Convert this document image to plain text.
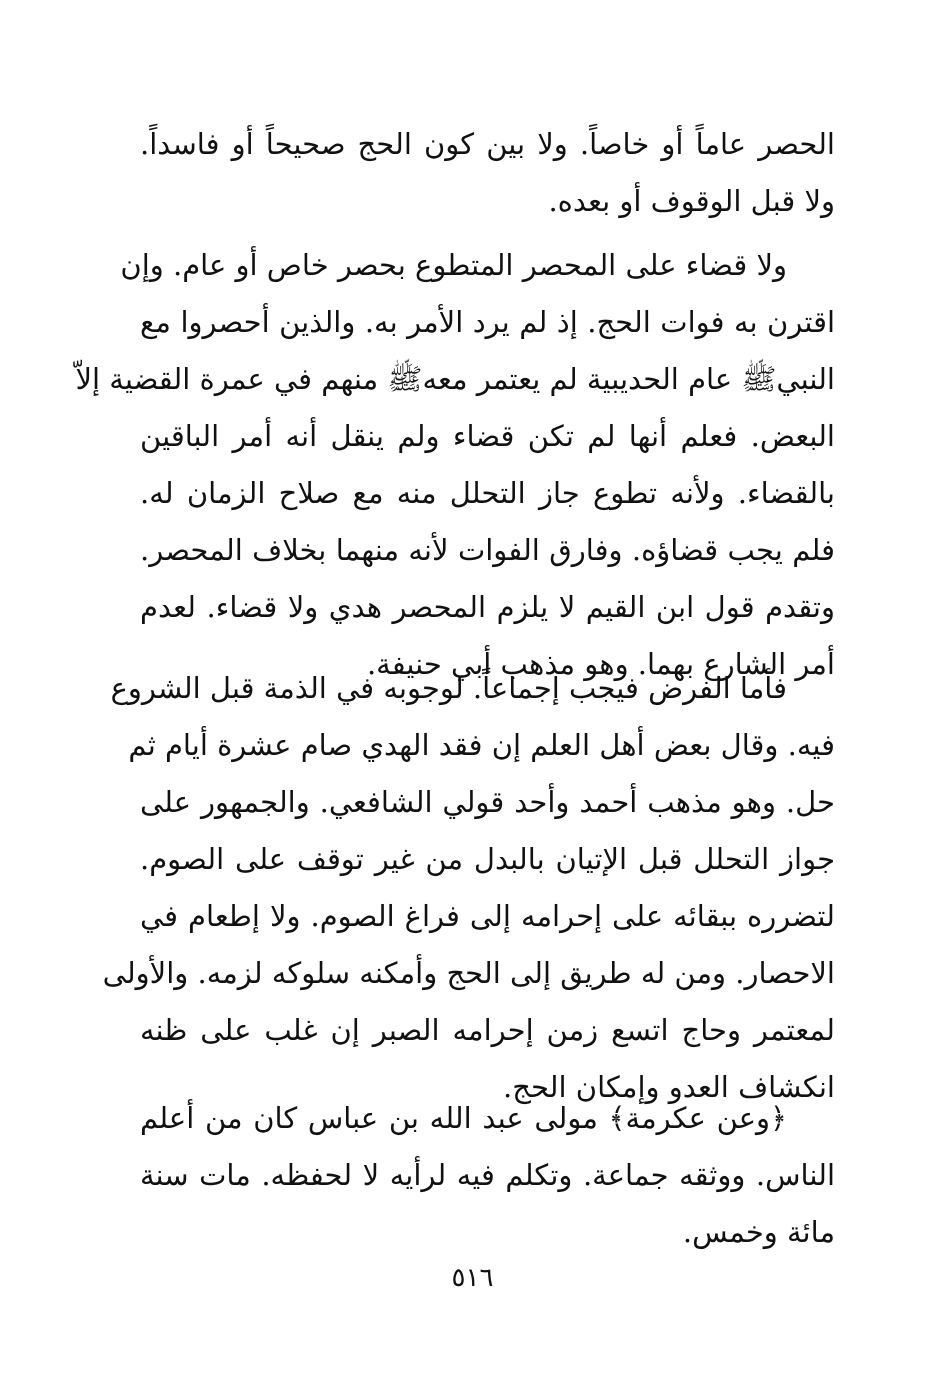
الحصر عاماً أو خاصاً. ولا بين كون الحج صحيحاً أو فاسداً.
ولا قبل الوقوف أو بعده.
ولا قضاء على المحصر المتطوع بحصر خاص أو عام. وإن
اقترن به فوات الحج. إذ لم يرد الأمر به. والذين أحصروا مع
النبيﷺ عام الحديبية لم يعتمر معهﷺ منهم في عمرة القضية إلاّ
البعض. فعلم أنها لم تكن قضاء ولم ينقل أنه أمر الباقين
بالقضاء. ولأنه تطوع جاز التحلل منه مع صلاح الزمان له.
فلم يجب قضاؤه. وفارق الفوات لأنه منهما بخلاف المحصر.
وتقدم قول ابن القيم لا يلزم المحصر هدي ولا قضاء. لعدم
أمر الشارع بهما. وهو مذهب أبي حنيفة.
فأما الفرض فيجب إجماعاً. لوجوبه في الذمة قبل الشروع
فيه. وقال بعض أهل العلم إن فقد الهدي صام عشرة أيام ثم
حل. وهو مذهب أحمد وأحد قولي الشافعي. والجمهور على
جواز التحلل قبل الإتيان بالبدل من غير توقف على الصوم.
لتضرره ببقائه على إحرامه إلى فراغ الصوم. ولا إطعام في
الاحصار. ومن له طريق إلى الحج وأمكنه سلوكه لزمه. والأولى
لمعتمر وحاج اتسع زمن إحرامه الصبر إن غلب على ظنه
انكشاف العدو وإمكان الحج.
﴿وعن عكرمة﴾ مولى عبد الله بن عباس كان من أعلم
الناس. ووثقه جماعة. وتكلم فيه لرأيه لا لحفظه. مات سنة
مائة وخمس.
٥١٦
